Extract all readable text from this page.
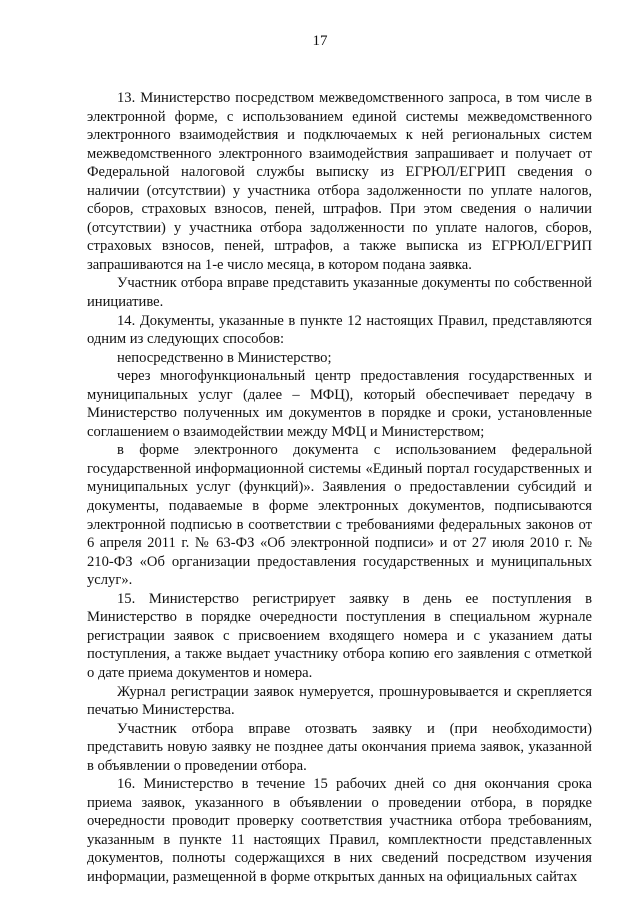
17

13. Министерство посредством межведомственного запроса, в том числе в электронной форме, с использованием единой системы межведомственного электронного взаимодействия и подключаемых к ней региональных систем межведомственного электронного взаимодействия запрашивает и получает от Федеральной налоговой службы выписку из ЕГРЮЛ/ЕГРИП сведения о наличии (отсутствии) у участника отбора задолженности по уплате налогов, сборов, страховых взносов, пеней, штрафов. При этом сведения о наличии (отсутствии) у участника отбора задолженности по уплате налогов, сборов, страховых взносов, пеней, штрафов, а также выписка из ЕГРЮЛ/ЕГРИП запрашиваются на 1-е число месяца, в котором подана заявка.

Участник отбора вправе представить указанные документы по собственной инициативе.

14. Документы, указанные в пункте 12 настоящих Правил, представляются одним из следующих способов:

непосредственно в Министерство;

через многофункциональный центр предоставления государственных и муниципальных услуг (далее – МФЦ), который обеспечивает передачу в Министерство полученных им документов в порядке и сроки, установленные соглашением о взаимодействии между МФЦ и Министерством;

в форме электронного документа с использованием федеральной государственной информационной системы «Единый портал государственных и муниципальных услуг (функций)». Заявления о предоставлении субсидий и документы, подаваемые в форме электронных документов, подписываются электронной подписью в соответствии с требованиями федеральных законов от 6 апреля 2011 г. № 63-ФЗ «Об электронной подписи» и от 27 июля 2010 г. № 210-ФЗ «Об организации предоставления государственных и муниципальных услуг».

15. Министерство регистрирует заявку в день ее поступления в Министерство в порядке очередности поступления в специальном журнале регистрации заявок с присвоением входящего номера и с указанием даты поступления, а также выдает участнику отбора копию его заявления с отметкой о дате приема документов и номера.

Журнал регистрации заявок нумеруется, прошнуровывается и скрепляется печатью Министерства.

Участник отбора вправе отозвать заявку и (при необходимости) представить новую заявку не позднее даты окончания приема заявок, указанной в объявлении о проведении отбора.

16. Министерство в течение 15 рабочих дней со дня окончания срока приема заявок, указанного в объявлении о проведении отбора, в порядке очередности проводит проверку соответствия участника отбора требованиям, указанным в пункте 11 настоящих Правил, комплектности представленных документов, полноты содержащихся в них сведений посредством изучения информации, размещенной в форме открытых данных на официальных сайтах
